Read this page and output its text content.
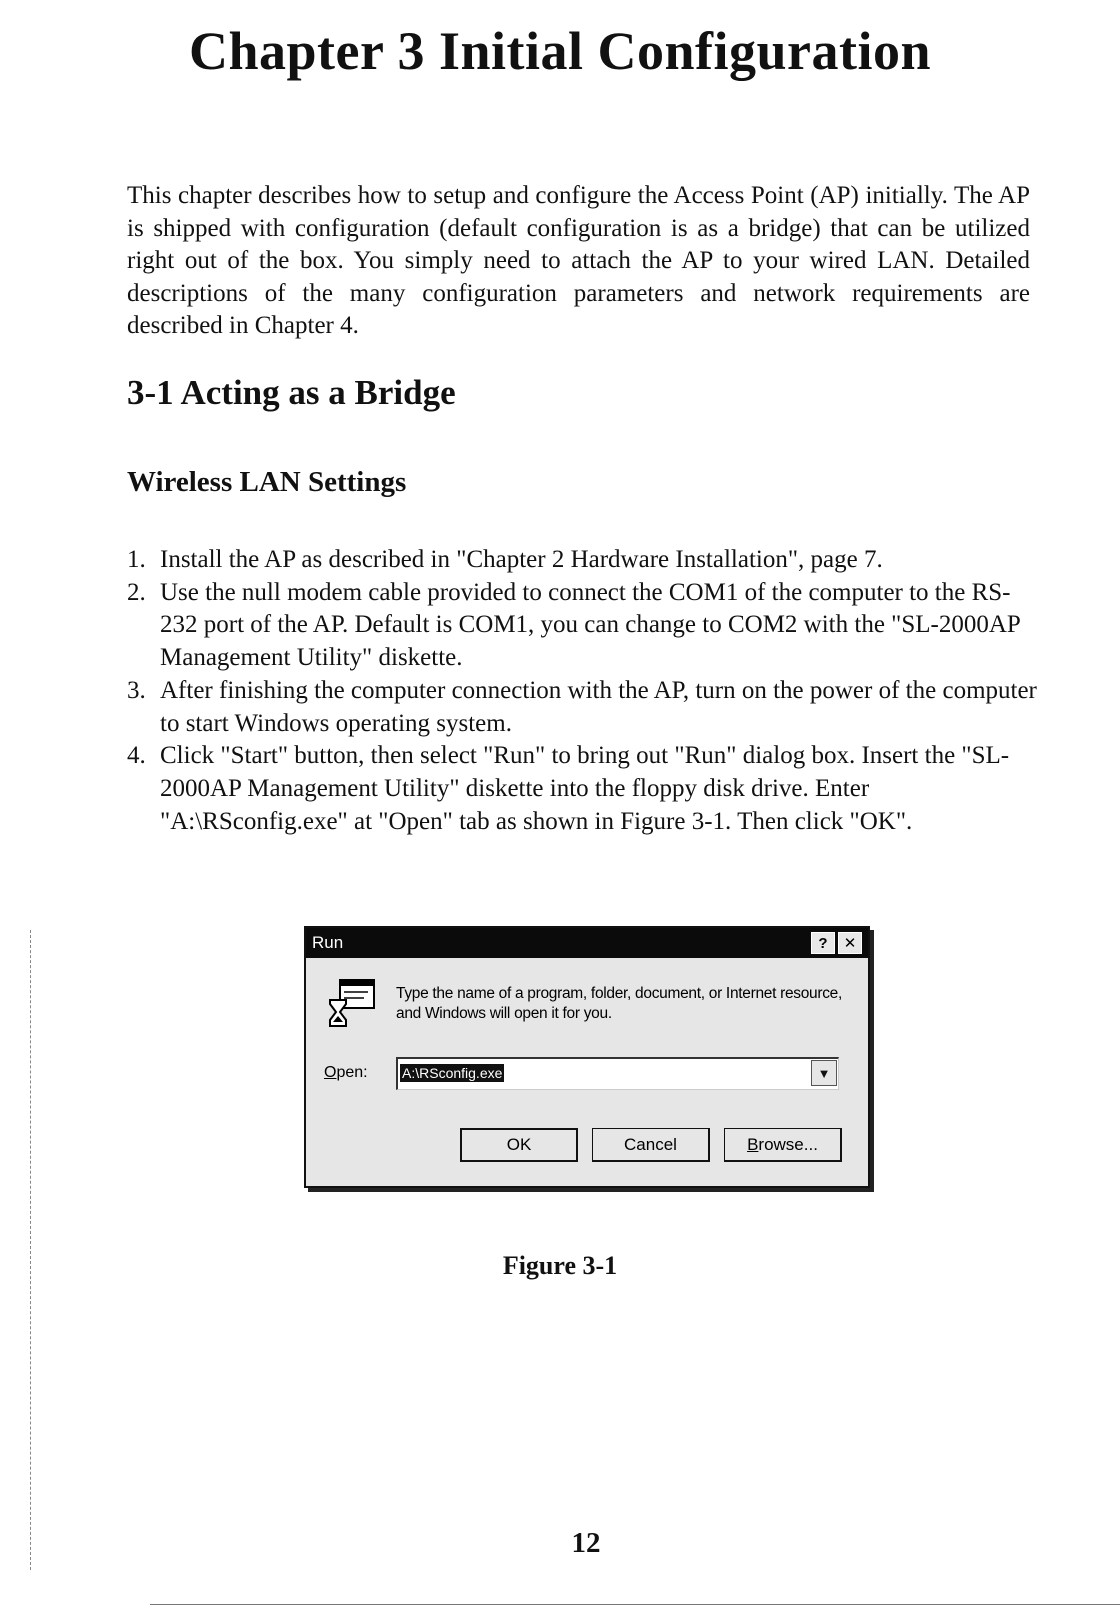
Chapter 3 Initial Configuration

This chapter describes how to setup and configure the Access Point (AP) initially. The AP is shipped with configuration (default configuration is as a bridge) that can be utilized right out of the box. You simply need to attach the AP to your wired LAN. Detailed descriptions of the many configuration parameters and network requirements are described in Chapter 4.

3-1 Acting as a Bridge
Wireless LAN Settings
1. Install the AP as described in "Chapter 2 Hardware Installation", page 7.
2. Use the null modem cable provided to connect the COM1 of the computer to the RS-232 port of the AP. Default is COM1, you can change to COM2 with the "SL-2000AP Management Utility" diskette.
3. After finishing the computer connection with the AP, turn on the power of the computer to start Windows operating system.
4. Click "Start" button, then select "Run" to bring out "Run" dialog box. Insert the "SL-2000AP Management Utility" diskette into the floppy disk drive. Enter "A:\RSconfig.exe" at "Open" tab as shown in Figure 3-1. Then click "OK".
Run	?	✕
Type the name of a program, folder, document, or Internet resource, and Windows will open it for you.
Open: A:\RSconfig.exe	▼
OK	Cancel	B rowse...

Figure 3-1

12
